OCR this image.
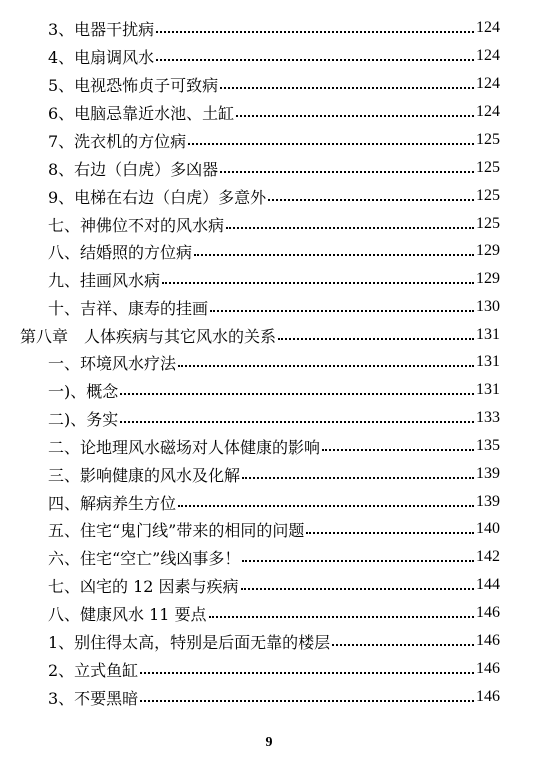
3、电器干扰病	124
4、电扇调风水	124
5、电视恐怖贞子可致病	124
6、电脑忌靠近水池、土缸	124
7、洗衣机的方位病	125
8、右边（白虎）多凶器	125
9、电梯在右边（白虎）多意外	125
七、神佛位不对的风水病	125
八、结婚照的方位病	129
九、挂画风水病	129
十、吉祥、康寿的挂画	130
第八章　人体疾病与其它风水的关系	131
一、环境风水疗法	131
一)、概念	131
二)、务实	133
二、论地理风水磁场对人体健康的影响	135
三、影响健康的风水及化解	139
四、解病养生方位	139
五、住宅“鬼门线”带来的相同的问题	140
六、住宅“空亡”线凶事多！	142
七、凶宅的 12 因素与疾病	144
八、健康风水 11 要点	146
1、别住得太高，特别是后面无靠的楼层	146
2、立式鱼缸	146
3、不要黑暗	146
9
